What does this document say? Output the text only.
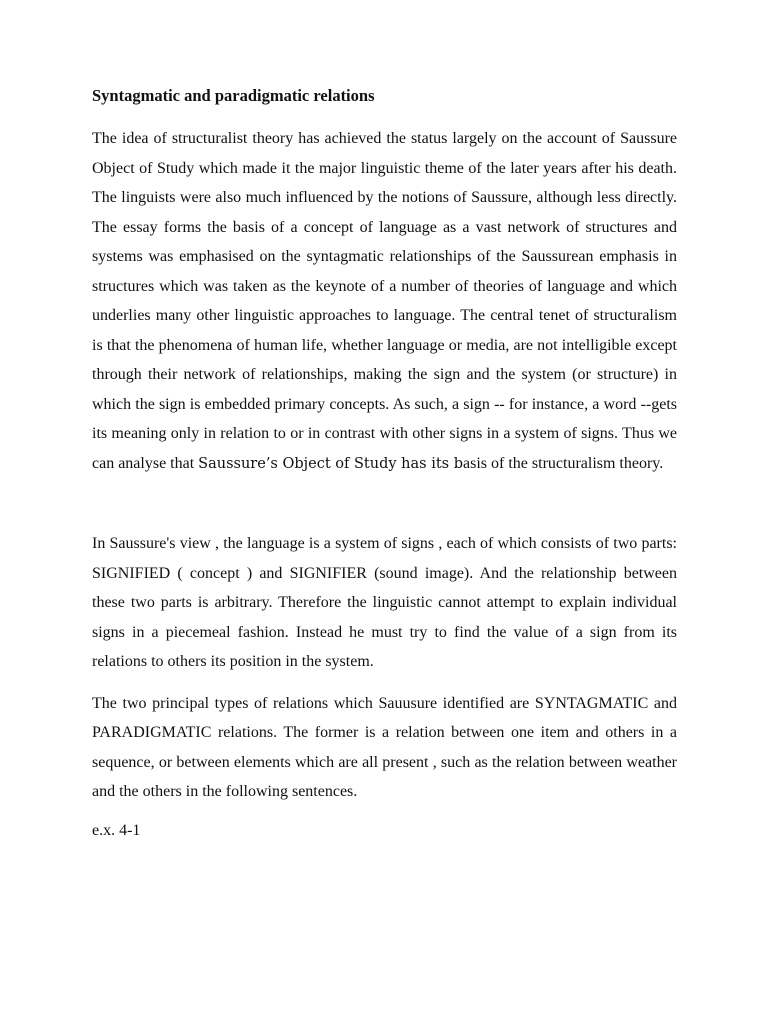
Syntagmatic and paradigmatic relations

The idea of structuralist theory has achieved the status largely on the account of Saussure Object of Study which made it the major linguistic theme of the later years after his death. The linguists were also much influenced by the notions of Saussure, although less directly. The essay forms the basis of a concept of language as a vast network of structures and systems was emphasised on the syntagmatic relationships of the Saussurean emphasis in structures which was taken as the keynote of a number of theories of language and which underlies many other linguistic approaches to language. The central tenet of structuralism is that the phenomena of human life, whether language or media, are not intelligible except through their network of relationships, making the sign and the system (or structure) in which the sign is embedded primary concepts. As such, a sign -- for instance, a word --gets its meaning only in relation to or in contrast with other signs in a system of signs. Thus we can analyse that Saussure’s Object of Study has its basis of the structuralism theory.

In Saussure's view , the language is a system of signs , each of which consists of two parts: SIGNIFIED ( concept ) and SIGNIFIER (sound image). And the relationship between these two parts is arbitrary. Therefore the linguistic cannot attempt to explain individual signs in a piecemeal fashion. Instead he must try to find the value of a sign from its relations to others its position in the system.

The two principal types of relations which Sauusure identified are SYNTAGMATIC and PARADIGMATIC relations. The former is a relation between one item and others in a sequence, or between elements which are all present , such as the relation between weather and the others in the following sentences.

e.x. 4-1
